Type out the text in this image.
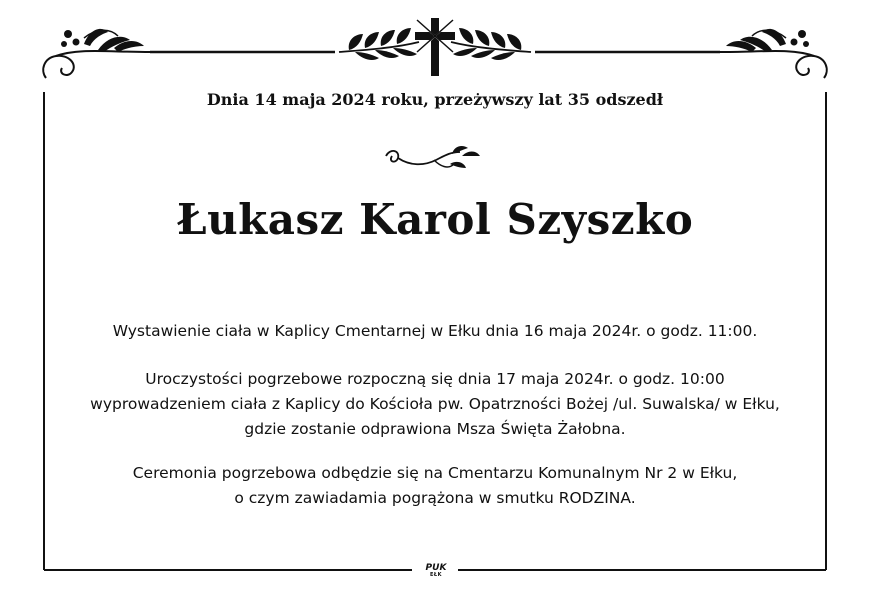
Dnia 14 maja 2024 roku, przeżywszy lat 35 odszedł
Łukasz Karol Szyszko
Wystawienie ciała w Kaplicy Cmentarnej w Ełku dnia 16 maja 2024r. o godz. 11:00.
Uroczystości pogrzebowe rozpoczną się dnia 17 maja 2024r. o godz. 10:00
wyprowadzeniem ciała z Kaplicy do Kościoła pw. Opatrzności Bożej /ul. Suwalska/ w Ełku,
gdzie zostanie odprawiona Msza Święta Żałobna.
Ceremonia pogrzebowa odbędzie się na Cmentarzu Komunalnym Nr 2 w Ełku,
o czym zawiadamia pogrążona w smutku RODZINA.
PUK
EŁK
